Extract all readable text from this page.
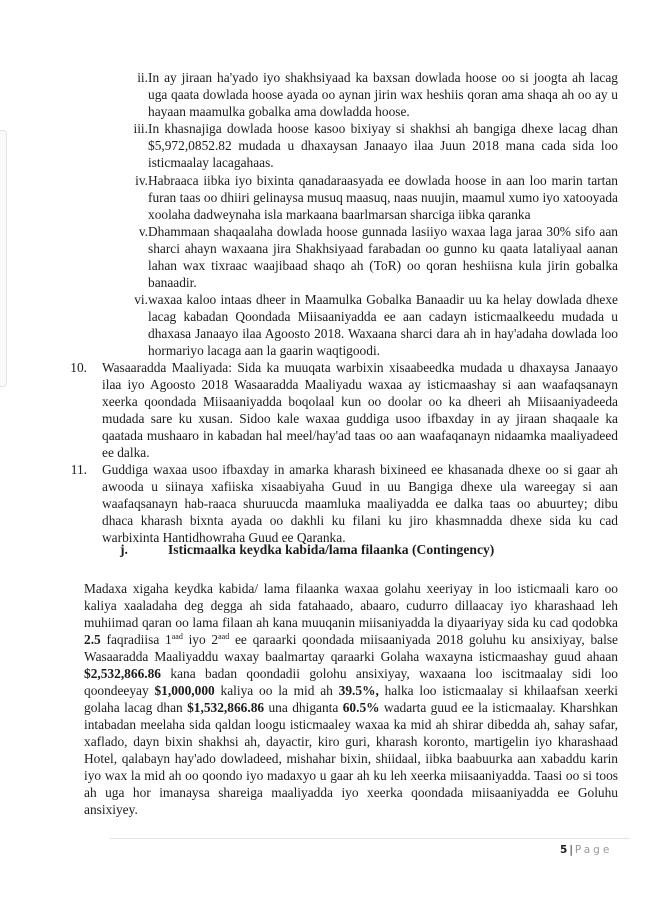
ii. In ay jiraan ha'yado iyo shakhsiyaad ka baxsan dowlada hoose oo si joogta ah lacag
uga qaata dowlada hoose ayada oo aynan jirin wax heshiis qoran ama shaqa ah oo ay u
hayaan maamulka gobalka ama dowladda hoose.
iii. In khasnajiga dowlada hoose kasoo bixiyay si shakhsi ah bangiga dhexe lacag dhan
$5,972,0852.82 mudada u dhaxaysan Janaayo ilaa Juun 2018 mana cada sida loo
isticmaalay lacagahaas.
iv. Habraaca iibka iyo bixinta qanadaraasyada ee dowlada hoose in aan loo marin tartan
furan taas oo dhiiri gelinaysa musuq maasuq, naas nuujin, maamul xumo iyo xatooyada
xoolaha dadweynaha isla markaana baarlmarsan sharciga iibka qaranka
v. Dhammaan shaqaalaha dowlada hoose gunnada lasiiyo waxaa laga jaraa 30% sifo aan
sharci ahayn waxaana jira Shakhsiyaad farabadan oo gunno ku qaata lataliyaal aanan
lahan wax tixraac waajibaad shaqo ah (ToR) oo qoran heshiisna kula jirin gobalka
banaadir.
vi. waxaa kaloo intaas dheer in Maamulka Gobalka Banaadir uu ka helay dowlada dhexe
lacag kabadan Qoondada Miisaaniyadda ee aan cadayn isticmaalkeedu mudada u
dhaxasa Janaayo ilaa Agoosto 2018. Waxaana sharci dara ah in hay'adaha dowlada loo
hormariyo lacaga aan la gaarin waqtigoodi.
10. Wasaaradda Maaliyada: Sida ka muuqata warbixin xisaabeedka mudada u dhaxaysa Janaayo
ilaa iyo Agoosto 2018 Wasaaradda Maaliyadu waxaa ay isticmaashay si aan waafaqsanayn
xeerka qoondada Miisaaniyadda boqolaal kun oo doolar oo ka dheeri ah Miisaaniyadeeda
mudada sare ku xusan. Sidoo kale waxaa guddiga usoo ifbaxday in ay jiraan shaqaale ka
qaatada mushaaro in kabadan hal meel/hay'ad taas oo aan waafaqanayn nidaamka maaliyadeed
ee dalka.
11. Guddiga waxaa usoo ifbaxday in amarka kharash bixineed ee khasanada dhexe oo si gaar ah
awooda u siinaya xafiiska xisaabiyaha Guud in uu Bangiga dhexe ula wareegay si aan
waafaqsanayn hab-raaca shuruucda maamluka maaliyadda ee dalka taas oo abuurtey; dibu
dhaca kharash bixnta ayada oo dakhli ku filani ku jiro khasmnadda dhexe sida ku cad
warbixinta Hantidhowraha Guud ee Qaranka.
j.	Isticmaalka keydka kabida/lama filaanka (Contingency)
Madaxa xigaha keydka kabida/ lama filaanka waxaa golahu xeeriyay in loo isticmaali karo oo
kaliya xaaladaha deg degga ah sida fatahaado, abaaro, cudurro dillaacay iyo kharashaad leh
muhiimad qaran oo lama filaan ah kana muuqanin miisaniyadda la diyaariyay sida ku cad qodobka
2.5 faqradiisa $1^{aad}$ iyo $2^{aad}$ ee qaraarki qoondada miisaaniyada 2018 goluhu ku ansixiyay, balse
Wasaaradda Maaliyaddu waxay baalmartay qaraarki Golaha waxayna isticmaashay guud ahaan
$2,532,866.86 kana badan qoondadii golohu ansixiyay, waxaana loo iscitmaalay sidi loo
qoondeeyay $1,000,000 kaliya oo la mid ah 39.5%, halka loo isticmaalay si khilaafsan xeerki
golaha lacag dhan $1,532,866.86 una dhiganta 60.5% wadarta guud ee la isticmaalay. Kharshkan
intabadan meelaha sida qaldan loogu isticmaaley waxaa ka mid ah shirar dibedda ah, sahay safar,
xaflado, dayn bixin shakhsi ah, dayactir, kiro guri, kharash koronto, martigelin iyo kharashaad
Hotel, qalabayn hay'ado dowladeed, mishahar bixin, shiidaal, iibka baabuurka aan xabaddu karin
iyo wax la mid ah oo qoondo iyo madaxyo u gaar ah ku leh xeerka miisaaniyadda. Taasi oo si toos
ah uga hor imanaysa shareiga maaliyadda iyo xeerka qoondada miisaaniyadda ee Goluhu
ansixiyey.
5 | Page
